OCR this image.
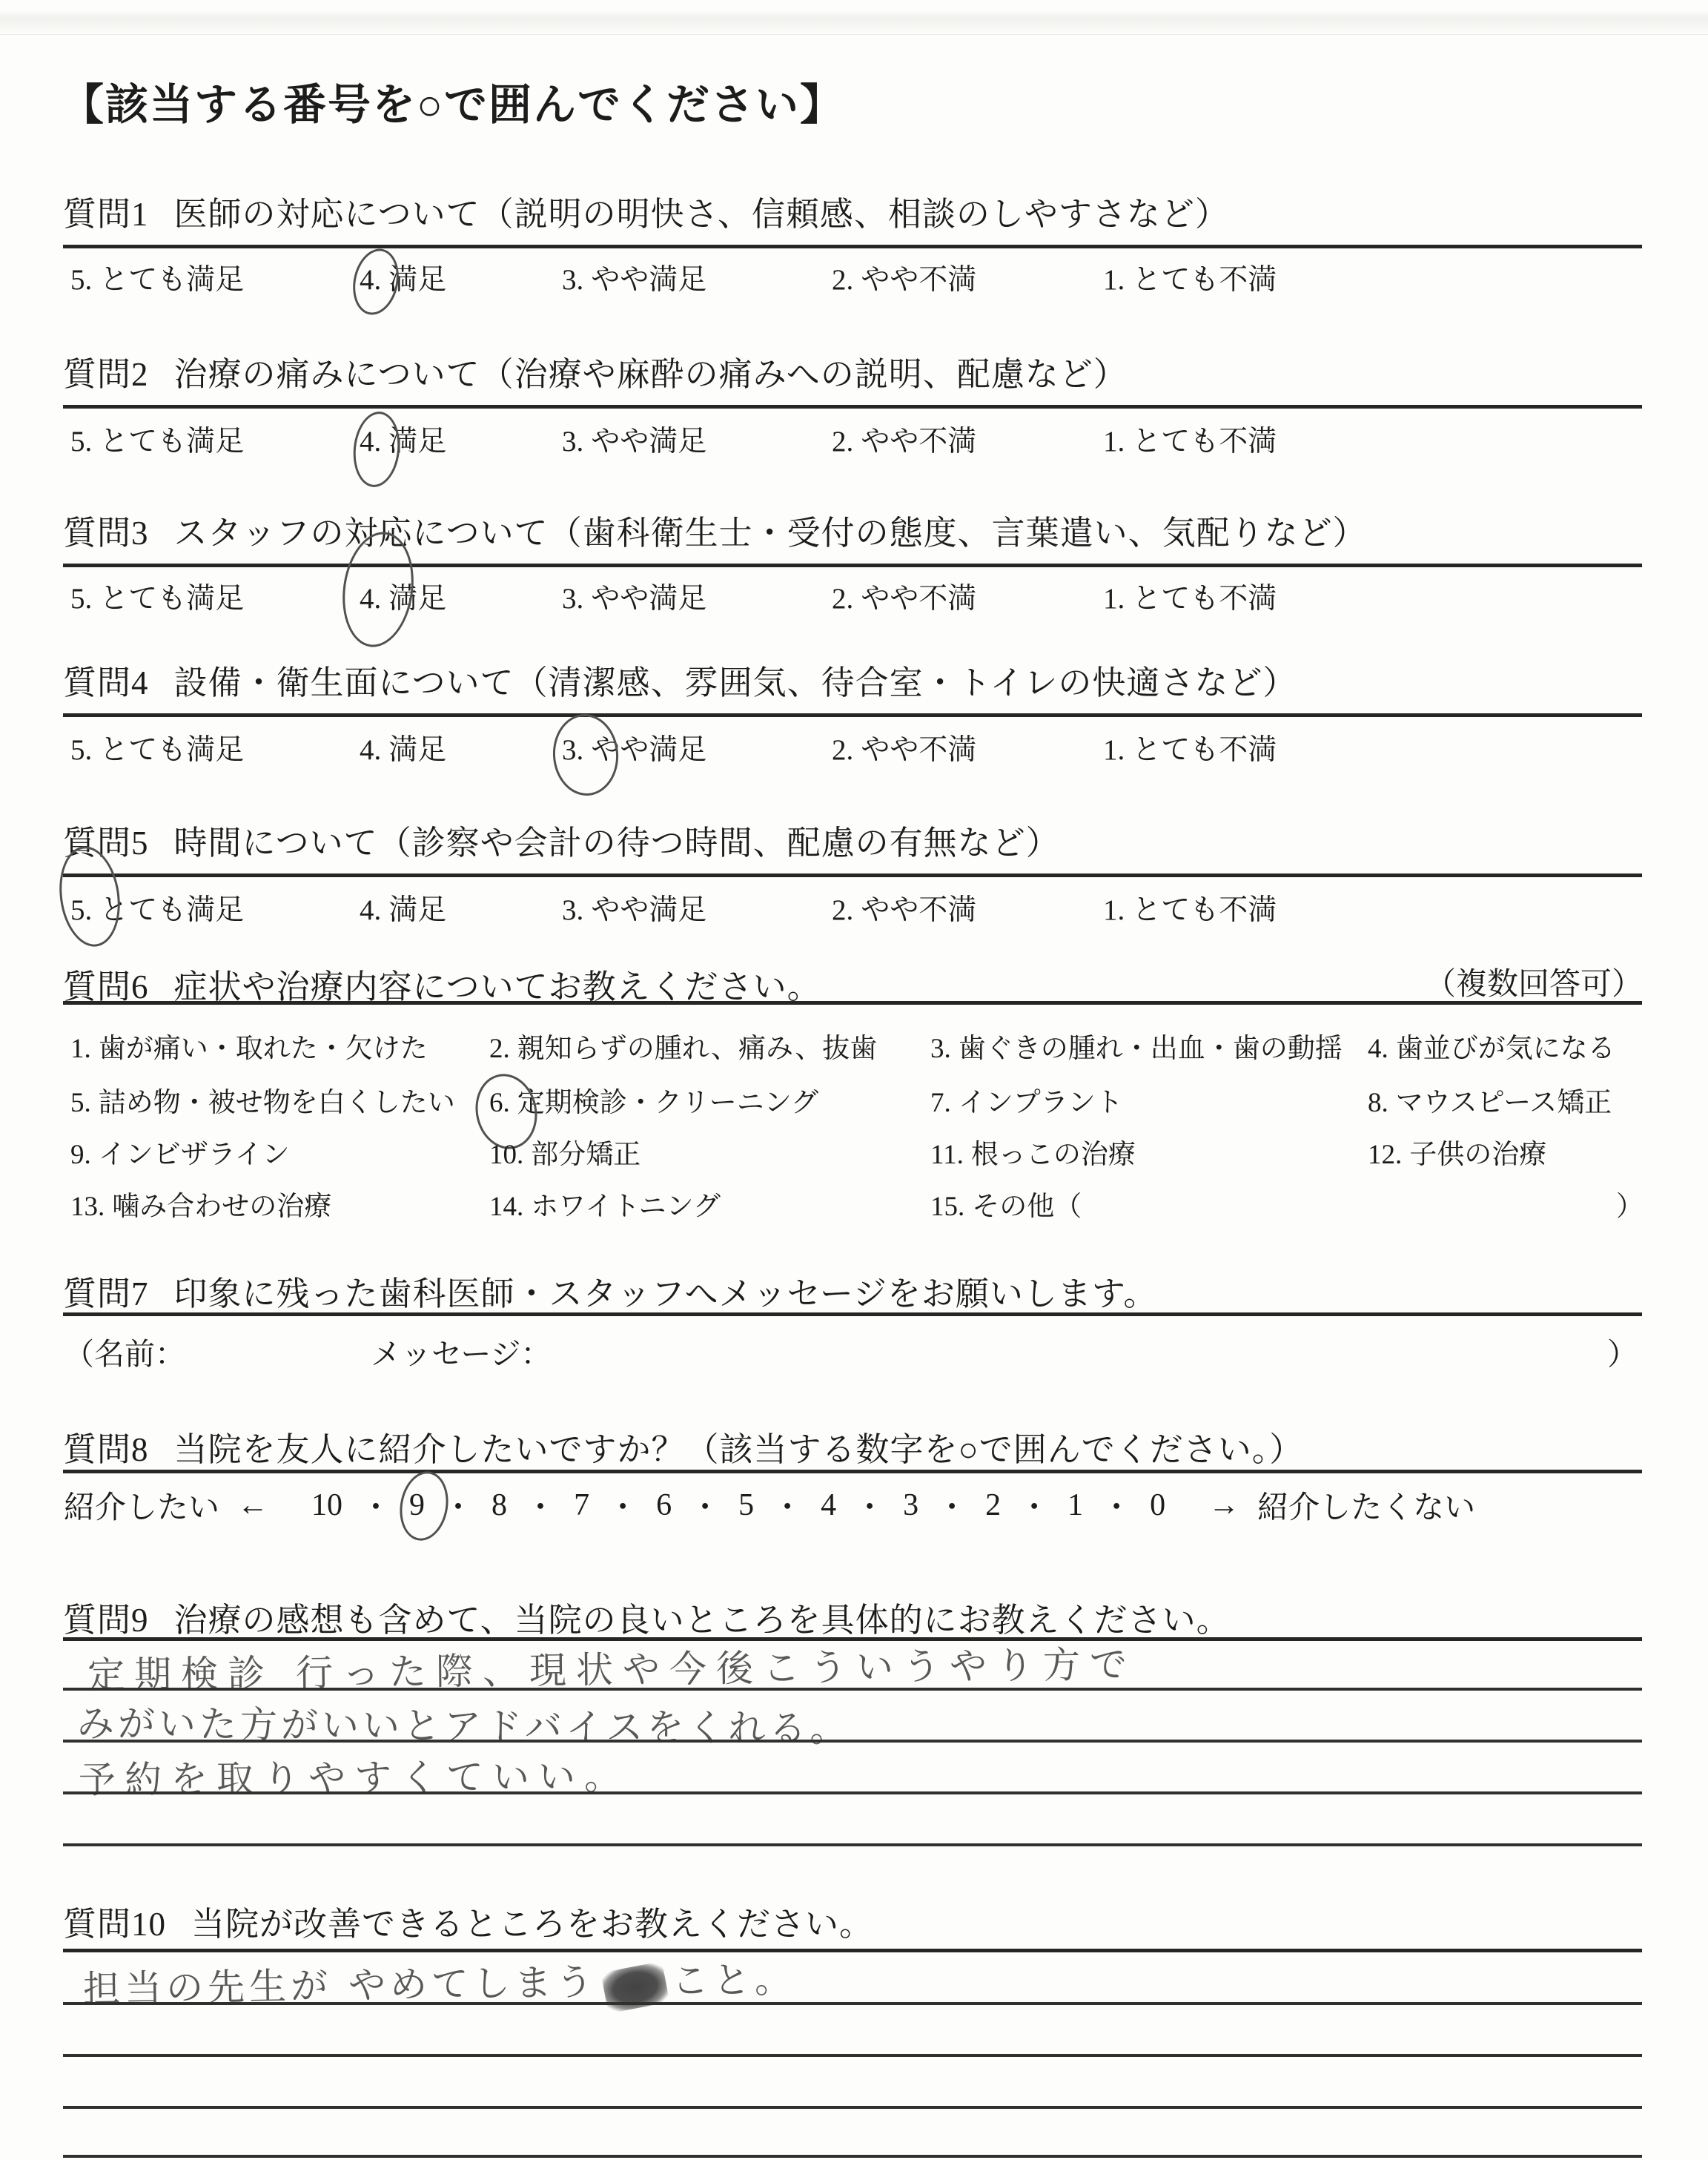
【該当する番号を○で囲んでください】
質問1 医師の対応について（説明の明快さ、信頼感、相談のしやすさなど）
5. とても満足	4. 満足	3. やや満足	2. やや不満	1. とても不満
質問2 治療の痛みについて（治療や麻酔の痛みへの説明、配慮など）
5. とても満足	4. 満足	3. やや満足	2. やや不満	1. とても不満
質問3 スタッフの対応について（歯科衛生士・受付の態度、言葉遣い、気配りなど）
5. とても満足	4. 満足	3. やや満足	2. やや不満	1. とても不満
質問4 設備・衛生面について（清潔感、雰囲気、待合室・トイレの快適さなど）
5. とても満足	4. 満足	3. やや満足	2. やや不満	1. とても不満
質問5 時間について（診察や会計の待つ時間、配慮の有無など）
5. とても満足	4. 満足	3. やや満足	2. やや不満	1. とても不満
質問6 症状や治療内容についてお教えください。	（複数回答可）
1. 歯が痛い・取れた・欠けた 2. 親知らずの腫れ、痛み、抜歯 3. 歯ぐきの腫れ・出血・歯の動揺 4. 歯並びが気になる
5. 詰め物・被せ物を白くしたい 6. 定期検診・クリーニング	7. インプラント	8. マウスピース矯正
9. インビザライン	10. 部分矯正	11. 根っこの治療	12. 子供の治療
13. 噛み合わせの治療	14. ホワイトニング	15. その他（	）
質問7 印象に残った歯科医師・スタッフへメッセージをお願いします。
（名前：	メッセージ：	）
質問8 当院を友人に紹介したいですか？（該当する数字を○で囲んでください。）
紹介したい ← 10 ・ 9 ・ 8 ・ 7 ・ 6 ・ 5 ・ 4 ・ 3 ・ 2 ・ 1 ・ 0 → 紹介したくない
質問9 治療の感想も含めて、当院の良いところを具体的にお教えください。
定期検診 行った際、現状や今後こういうやり方で
みがいた方がいいとアドバイスをくれる。
予約を取りやすくていい。
質問10 当院が改善できるところをお教えください。
担当の先生が やめてしまう こと。
